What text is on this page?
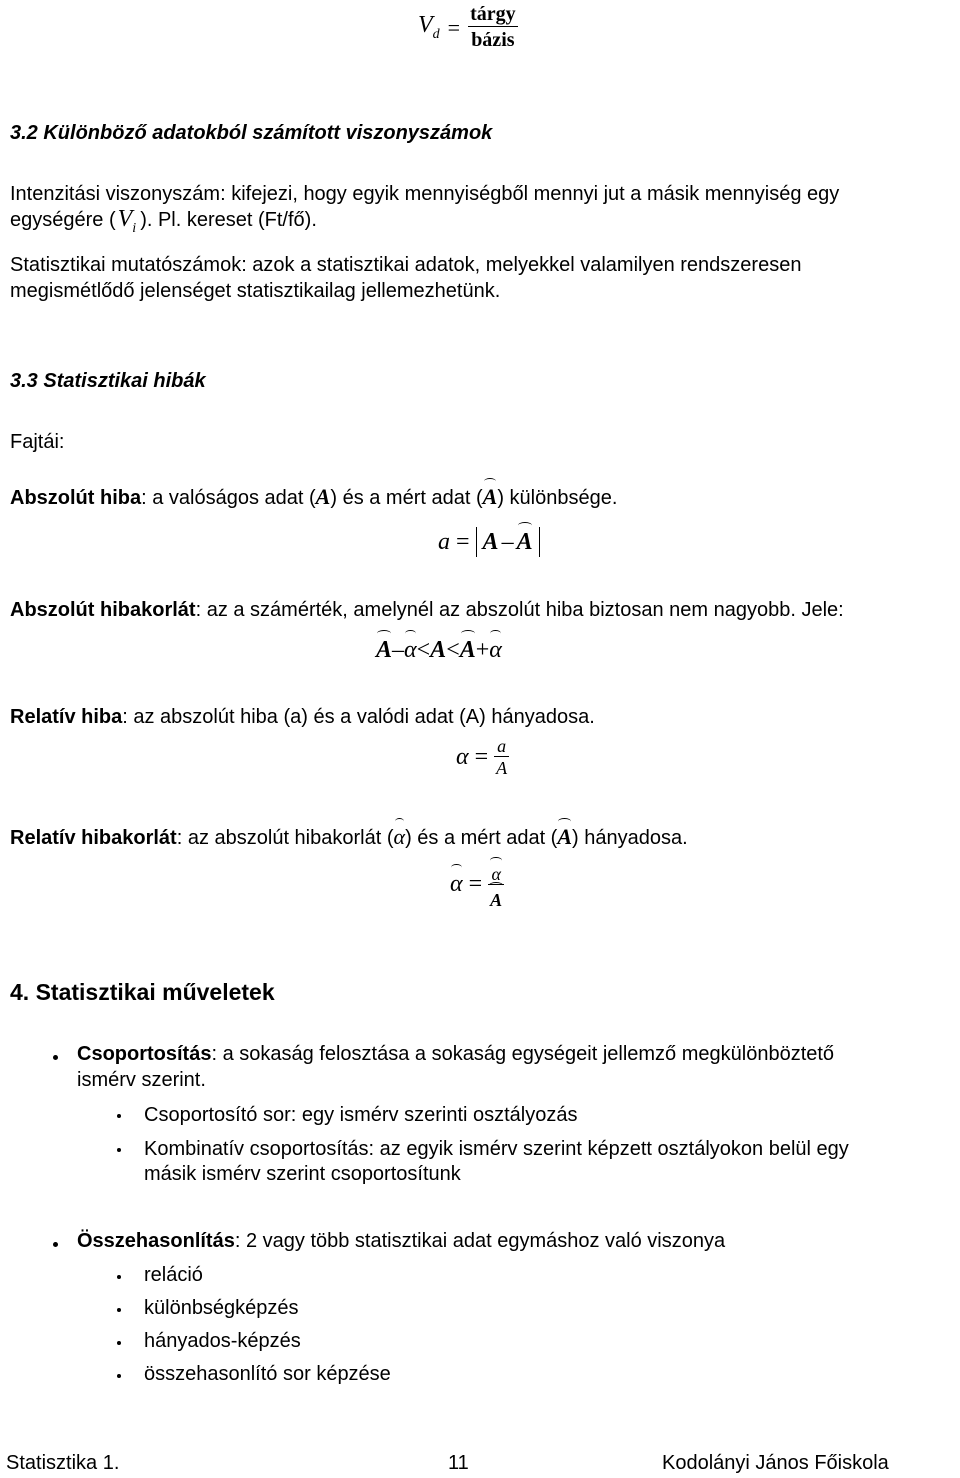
$V_d = \frac{\text{tárgy}}{\text{bázis}}$
3.2 Különböző adatokból számított viszonyszámok
Intenzitási viszonyszám: kifejezi, hogy egyik mennyiségből mennyi jut a másik mennyiség egy
egységére ($V_i$ ). Pl. kereset (Ft/fő).
Statisztikai mutatószámok: azok a statisztikai adatok, melyekkel valamilyen rendszeresen
megismétlődő jelenséget statisztikailag jellemezhetünk.
3.3 Statisztikai hibák
Fajtái:
Abszolút hiba: a valóságos adat (A) és a mért adat (A) különbsége.
a = A – A
Abszolút hibakorlát: az a számérték, amelynél az abszolút hiba biztosan nem nagyobb. Jele:
A–α<A<A+α
Relatív hiba: az abszolút hiba (a) és a valódi adat (A) hányadosa.
$\alpha = \frac{a}{A}$
Relatív hibakorlát: az abszolút hibakorlát (α) és a mért adat (A) hányadosa.
$\alpha = \frac{\alpha}{A}$
4. Statisztikai műveletek
Csoportosítás: a sokaság felosztása a sokaság egységeit jellemző megkülönböztető
ismérv szerint.
Csoportosító sor: egy ismérv szerinti osztályozás
Kombinatív csoportosítás: az egyik ismérv szerint képzett osztályokon belül egy
másik ismérv szerint csoportosítunk
Összehasonlítás: 2 vagy több statisztikai adat egymáshoz való viszonya
reláció
különbségképzés
hányados-képzés
összehasonlító sor képzése
Statisztika 1.	11	Kodolányi János Főiskola
